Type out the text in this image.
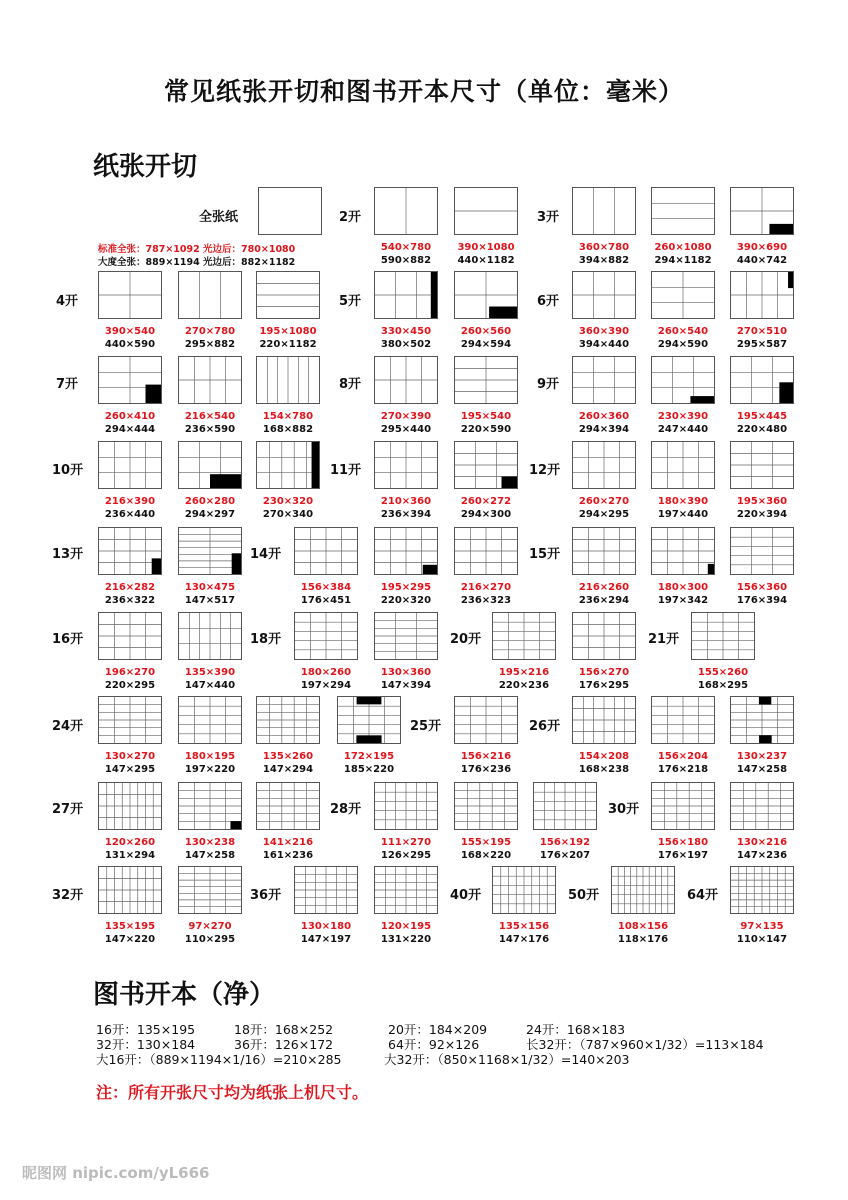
常见纸张开切和图书开本尺寸（单位：毫米）
纸张开切
全张纸
标准全张：787×1092 光边后：780×1080
大度全张：889×1194 光边后：882×1182
540×780
590×882
390×1080
440×1182
360×780
394×882
260×1080
294×1182
390×690
440×742
390×540
440×590
270×780
295×882
195×1080
220×1182
330×450
380×502
260×560
294×594
360×390
394×440
260×540
294×590
270×510
295×587
260×410
294×444
216×540
236×590
154×780
168×882
270×390
295×440
195×540
220×590
260×360
294×394
230×390
247×440
195×445
220×480
216×390
236×440
260×280
294×297
230×320
270×340
210×360
236×394
260×272
294×300
260×270
294×295
180×390
197×440
195×360
220×394
216×282
236×322
130×475
147×517
156×384
176×451
195×295
220×320
216×270
236×323
216×260
236×294
180×300
197×342
156×360
176×394
196×270
220×295
135×390
147×440
180×260
197×294
130×360
147×394
195×216
220×236
156×270
176×295
155×260
168×295
130×270
147×295
180×195
197×220
135×260
147×294
172×195
185×220
156×216
176×236
154×208
168×238
156×204
176×218
130×237
147×258
120×260
131×294
130×238
147×258
141×216
161×236
111×270
126×295
155×195
168×220
156×192
176×207
156×180
176×197
130×216
147×236
135×195
147×220
97×270
110×295
130×180
147×197
120×195
131×220
135×156
147×176
108×156
118×176
97×135
110×147
2开	3开
4开	5开	6开
7开	8开	9开
10开	11开	12开
13开	14开	15开
16开	18开	20开	21开
24开	25开	26开
27开	28开	30开
32开	36开	40开	50开	64开
图书开本（净）
16开：135×195	18开：168×252	20开：184×209	24开：168×183
32开：130×184	36开：126×172	64开：92×126	长32开：（787×960×1/32）=113×184
大16开：（889×1194×1/16）=210×285	大32开：（850×1168×1/32）=140×203
注：所有开张尺寸均为纸张上机尺寸。
昵图网 nipic.com/yL666
